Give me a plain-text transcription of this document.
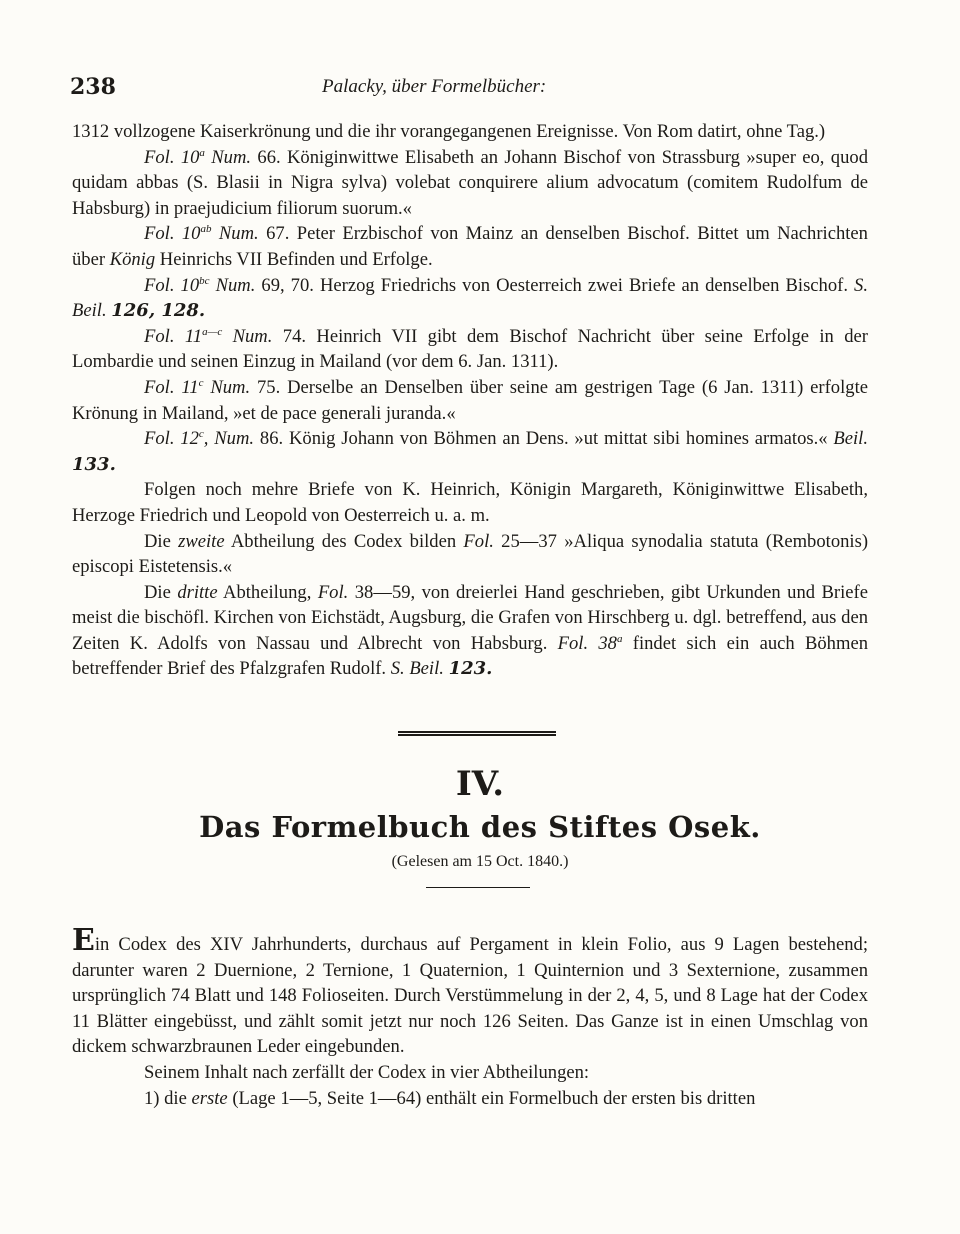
238	Palacky, über Formelbücher:

1312 vollzogene Kaiserkrönung und die ihr vorangegangenen Ereignisse. Von Rom datirt, ohne Tag.)

Fol. 10$^a$ Num. 66. Königinwittwe Elisabeth an Johann Bischof von Strassburg »super eo, quod quidam abbas (S. Blasii in Nigra sylva) volebat conquirere alium advocatum (comitem Rudolfum de Habsburg) in praejudicium filiorum suorum.«

Fol. $10^{ab}$ Num. 67. Peter Erzbischof von Mainz an denselben Bischof. Bittet um Nachrichten über König Heinrichs VII Befinden und Erfolge.

Fol. $10^{bc}$ Num. 69, 70. Herzog Friedrichs von Oesterreich zwei Briefe an denselben Bischof. S. Beil. 126, 128.

Fol. $11^{a—c}$ Num. 74. Heinrich VII gibt dem Bischof Nachricht über seine Erfolge in der Lombardie und seinen Einzug in Mailand (vor dem 6. Jan. 1311).

Fol. 11$^c$ Num. 75. Derselbe an Denselben über seine am gestrigen Tage (6 Jan. 1311) erfolgte Krönung in Mailand, »et de pace generali juranda.«

Fol. 12$^c$, Num. 86. König Johann von Böhmen an Dens. »ut mittat sibi homines armatos.« Beil. 133.

Folgen noch mehre Briefe von K. Heinrich, Königin Margareth, Königinwittwe Elisabeth, Herzoge Friedrich und Leopold von Oesterreich u. a. m.

Die zweite Abtheilung des Codex bilden Fol. 25—37 »Aliqua synodalia statuta (Rembotonis) episcopi Eistetensis.«

Die dritte Abtheilung, Fol. 38—59, von dreierlei Hand geschrieben, gibt Urkunden und Briefe meist die bischöfl. Kirchen von Eichstädt, Augsburg, die Grafen von Hirschberg u. dgl. betreffend, aus den Zeiten K. Adolfs von Nassau und Albrecht von Habsburg. Fol. 38$^a$ findet sich ein auch Böhmen betreffender Brief des Pfalzgrafen Rudolf. S. Beil. 123.

IV.
Das Formelbuch des Stiftes Osek.
(Gelesen am 15 Oct. 1840.)

Ein Codex des XIV Jahrhunderts, durchaus auf Pergament in klein Folio, aus 9 Lagen bestehend; darunter waren 2 Duernione, 2 Ternione, 1 Quaternion, 1 Quinternion und 3 Sexternione, zusammen ursprünglich 74 Blatt und 148 Folioseiten. Durch Verstümmelung in der 2, 4, 5, und 8 Lage hat der Codex 11 Blätter eingebüsst, und zählt somit jetzt nur noch 126 Seiten. Das Ganze ist in einen Umschlag von dickem schwarzbraunen Leder eingebunden.

Seinem Inhalt nach zerfällt der Codex in vier Abtheilungen:

1) die erste (Lage 1—5, Seite 1—64) enthält ein Formelbuch der ersten bis dritten
